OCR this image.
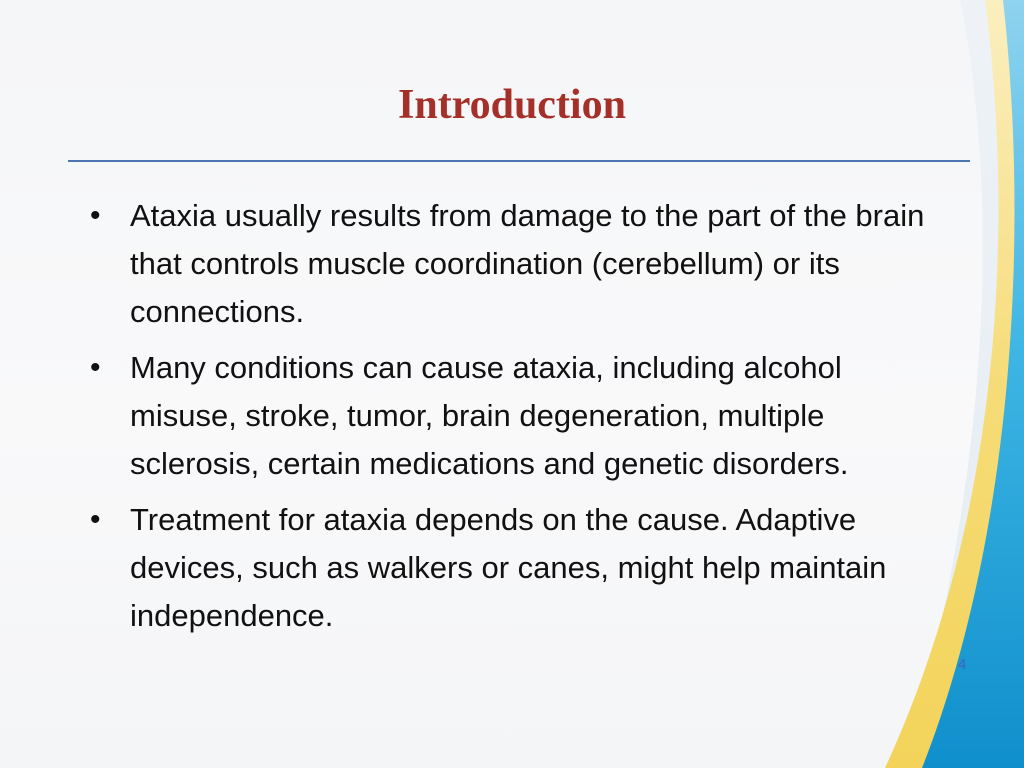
Introduction
• Ataxia usually results from damage to the part of the brain that controls muscle coordination (cerebellum) or its connections.
• Many conditions can cause ataxia, including alcohol misuse, stroke, tumor, brain degeneration, multiple sclerosis, certain medications and genetic disorders.
• Treatment for ataxia depends on the cause. Adaptive devices, such as walkers or canes, might help maintain independence.
4
